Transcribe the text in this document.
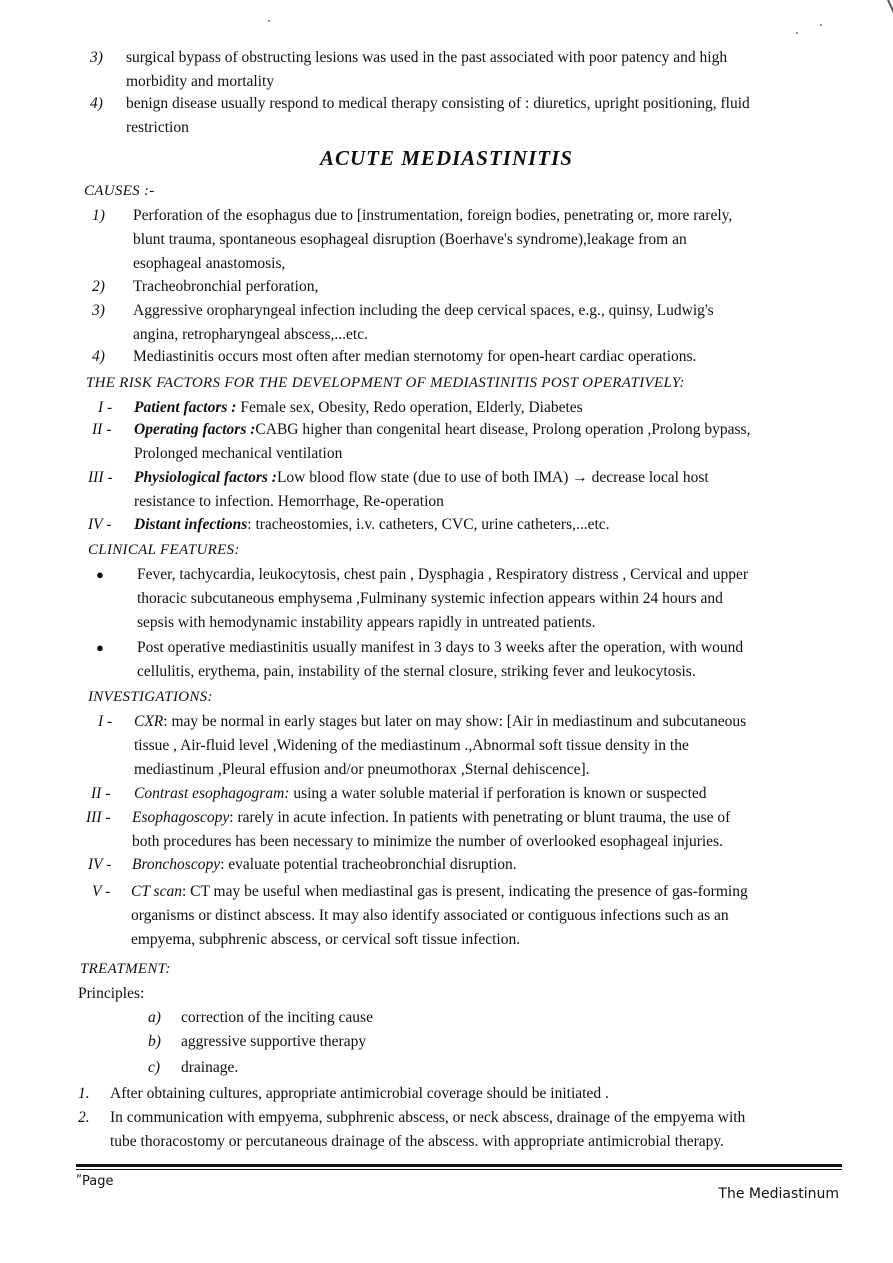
3) surgical bypass of obstructing lesions was used in the past associated with poor patency and high
morbidity and mortality
4) benign disease usually respond to medical therapy consisting of : diuretics, upright positioning, fluid
restriction
ACUTE MEDIASTINITIS
CAUSES :-
1) Perforation of the esophagus due to [instrumentation, foreign bodies, penetrating or, more rarely,
blunt trauma, spontaneous esophageal disruption (Boerhave's syndrome),leakage from an
esophageal anastomosis,
2) Tracheobronchial perforation,
3) Aggressive oropharyngeal infection including the deep cervical spaces, e.g., quinsy, Ludwig's
angina, retropharyngeal abscess,...etc.
4) Mediastinitis occurs most often after median sternotomy for open-heart cardiac operations.
THE RISK FACTORS FOR THE DEVELOPMENT OF MEDIASTINITIS POST OPERATIVELY:
I - Patient factors : Female sex, Obesity, Redo operation, Elderly, Diabetes
II - Operating factors :CABG higher than congenital heart disease, Prolong operation ,Prolong bypass,
Prolonged mechanical ventilation
III - Physiological factors :Low blood flow state (due to use of both IMA) → decrease local host
resistance to infection. Hemorrhage, Re-operation
IV - Distant infections: tracheostomies, i.v. catheters, CVC, urine catheters,...etc.
CLINICAL FEATURES:
● Fever, tachycardia, leukocytosis, chest pain , Dysphagia , Respiratory distress , Cervical and upper
thoracic subcutaneous emphysema ,Fulminany systemic infection appears within 24 hours and
sepsis with hemodynamic instability appears rapidly in untreated patients.
● Post operative mediastinitis usually manifest in 3 days to 3 weeks after the operation, with wound
cellulitis, erythema, pain, instability of the sternal closure, striking fever and leukocytosis.
INVESTIGATIONS:
I - CXR: may be normal in early stages but later on may show: [Air in mediastinum and subcutaneous
tissue , Air-fluid level ,Widening of the mediastinum .,Abnormal soft tissue density in the
mediastinum ,Pleural effusion and/or pneumothorax ,Sternal dehiscence].
II - Contrast esophagogram: using a water soluble material if perforation is known or suspected
III - Esophagoscopy: rarely in acute infection. In patients with penetrating or blunt trauma, the use of
both procedures has been necessary to minimize the number of overlooked esophageal injuries.
IV - Bronchoscopy: evaluate potential tracheobronchial disruption.
V - CT scan: CT may be useful when mediastinal gas is present, indicating the presence of gas-forming
organisms or distinct abscess. It may also identify associated or contiguous infections such as an
empyema, subphrenic abscess, or cervical soft tissue infection.
TREATMENT:
Principles:
a) correction of the inciting cause
b) aggressive supportive therapy
c) drainage.
1. After obtaining cultures, appropriate antimicrobial coverage should be initiated .
2. In communication with empyema, subphrenic abscess, or neck abscess, drainage of the empyema with
tube thoracostomy or percutaneous drainage of the abscess. with appropriate antimicrobial therapy.
ʺPage
The Mediastinum
